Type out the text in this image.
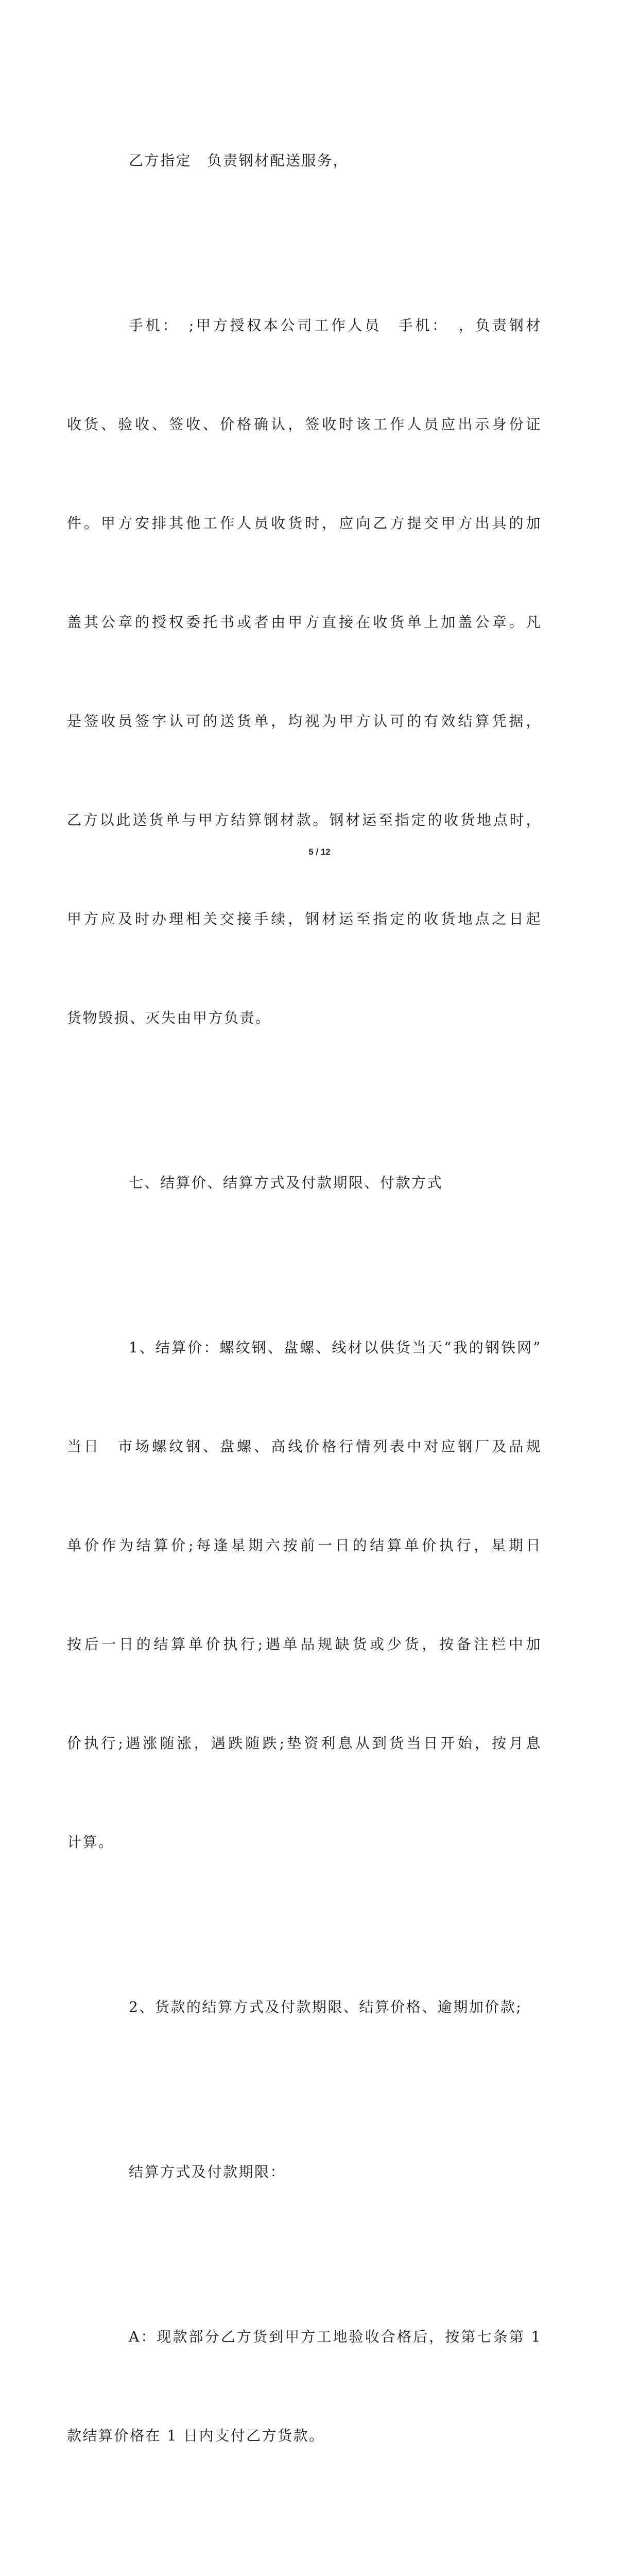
乙方指定　负责钢材配送服务，

手机：　;甲方授权本公司工作人员　手机：　，负责钢材

收货、验收、签收、价格确认，签收时该工作人员应出示身份证

件。甲方安排其他工作人员收货时，应向乙方提交甲方出具的加

盖其公章的授权委托书或者由甲方直接在收货单上加盖公章。凡

是签收员签字认可的送货单，均视为甲方认可的有效结算凭据，

乙方以此送货单与甲方结算钢材款。钢材运至指定的收货地点时，

甲方应及时办理相关交接手续，钢材运至指定的收货地点之日起

货物毁损、灭失由甲方负责。

七、结算价、结算方式及付款期限、付款方式

1、结算价：螺纹钢、盘螺、线材以供货当天“我的钢铁网”

当日　市场螺纹钢、盘螺、高线价格行情列表中对应钢厂及品规

单价作为结算价;每逢星期六按前一日的结算单价执行，星期日

按后一日的结算单价执行;遇单品规缺货或少货，按备注栏中加

价执行;遇涨随涨，遇跌随跌;垫资利息从到货当日开始，按月息

计算。

2、货款的结算方式及付款期限、结算价格、逾期加价款;

结算方式及付款期限：

A：现款部分乙方货到甲方工地验收合格后，按第七条第 1

款结算价格在 1 日内支付乙方货款。

5 / 12
